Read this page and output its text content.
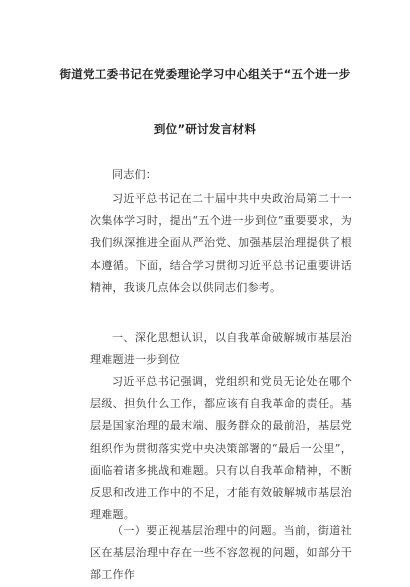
街道党工委书记在党委理论学习中心组关于“五个进一步
到位”研讨发言材料

同志们：

习近平总书记在二十届中共中央政治局第二十一次集体学习时，提出“五个进一步到位”重要要求，为我们纵深推进全面从严治党、加强基层治理提供了根本遵循。下面，结合学习贯彻习近平总书记重要讲话精神，我谈几点体会以供同志们参考。

一、深化思想认识，以自我革命破解城市基层治理难题进一步到位

习近平总书记强调，党组织和党员无论处在哪个层级、担负什么工作，都应该有自我革命的责任。基层是国家治理的最末端、服务群众的最前沿，基层党组织作为贯彻落实党中央决策部署的“最后一公里”，面临着诸多挑战和难题。只有以自我革命精神，不断反思和改进工作中的不足，才能有效破解城市基层治理难题。

（一）要正视基层治理中的问题。当前，街道社区在基层治理中存在一些不容忽视的问题，如部分干部工作作
